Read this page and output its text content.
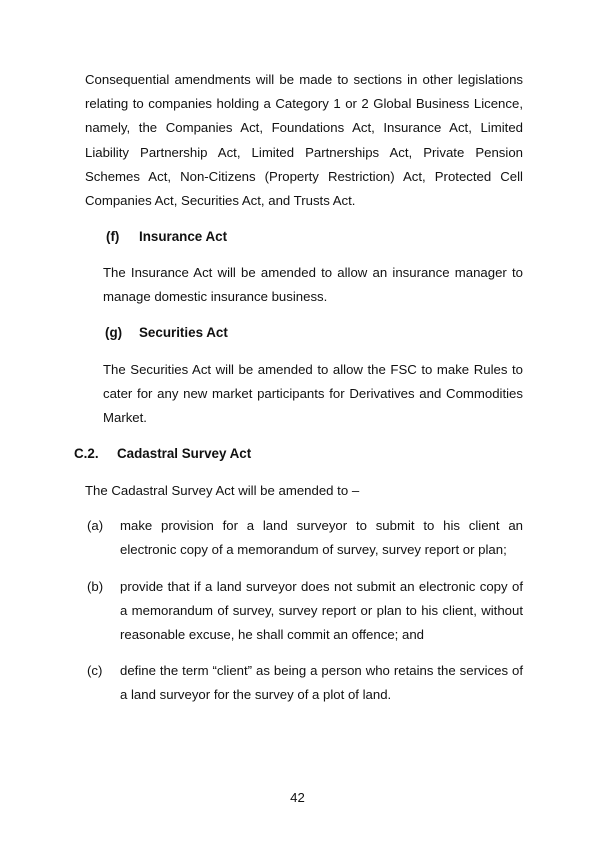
Consequential amendments will be made to sections in other legislations relating to companies holding a Category 1 or 2 Global Business Licence, namely, the Companies Act, Foundations Act, Insurance Act, Limited Liability Partnership Act, Limited Partnerships Act, Private Pension Schemes Act, Non-Citizens (Property Restriction) Act, Protected Cell Companies Act, Securities Act, and Trusts Act.

(f) Insurance Act

The Insurance Act will be amended to allow an insurance manager to manage domestic insurance business.

(g) Securities Act

The Securities Act will be amended to allow the FSC to make Rules to cater for any new market participants for Derivatives and Commodities Market.

C.2. Cadastral Survey Act

The Cadastral Survey Act will be amended to –

(a) make provision for a land surveyor to submit to his client an electronic copy of a memorandum of survey, survey report or plan;
(b) provide that if a land surveyor does not submit an electronic copy of a memorandum of survey, survey report or plan to his client, without reasonable excuse, he shall commit an offence; and
(c) define the term “client” as being a person who retains the services of a land surveyor for the survey of a plot of land.
42
